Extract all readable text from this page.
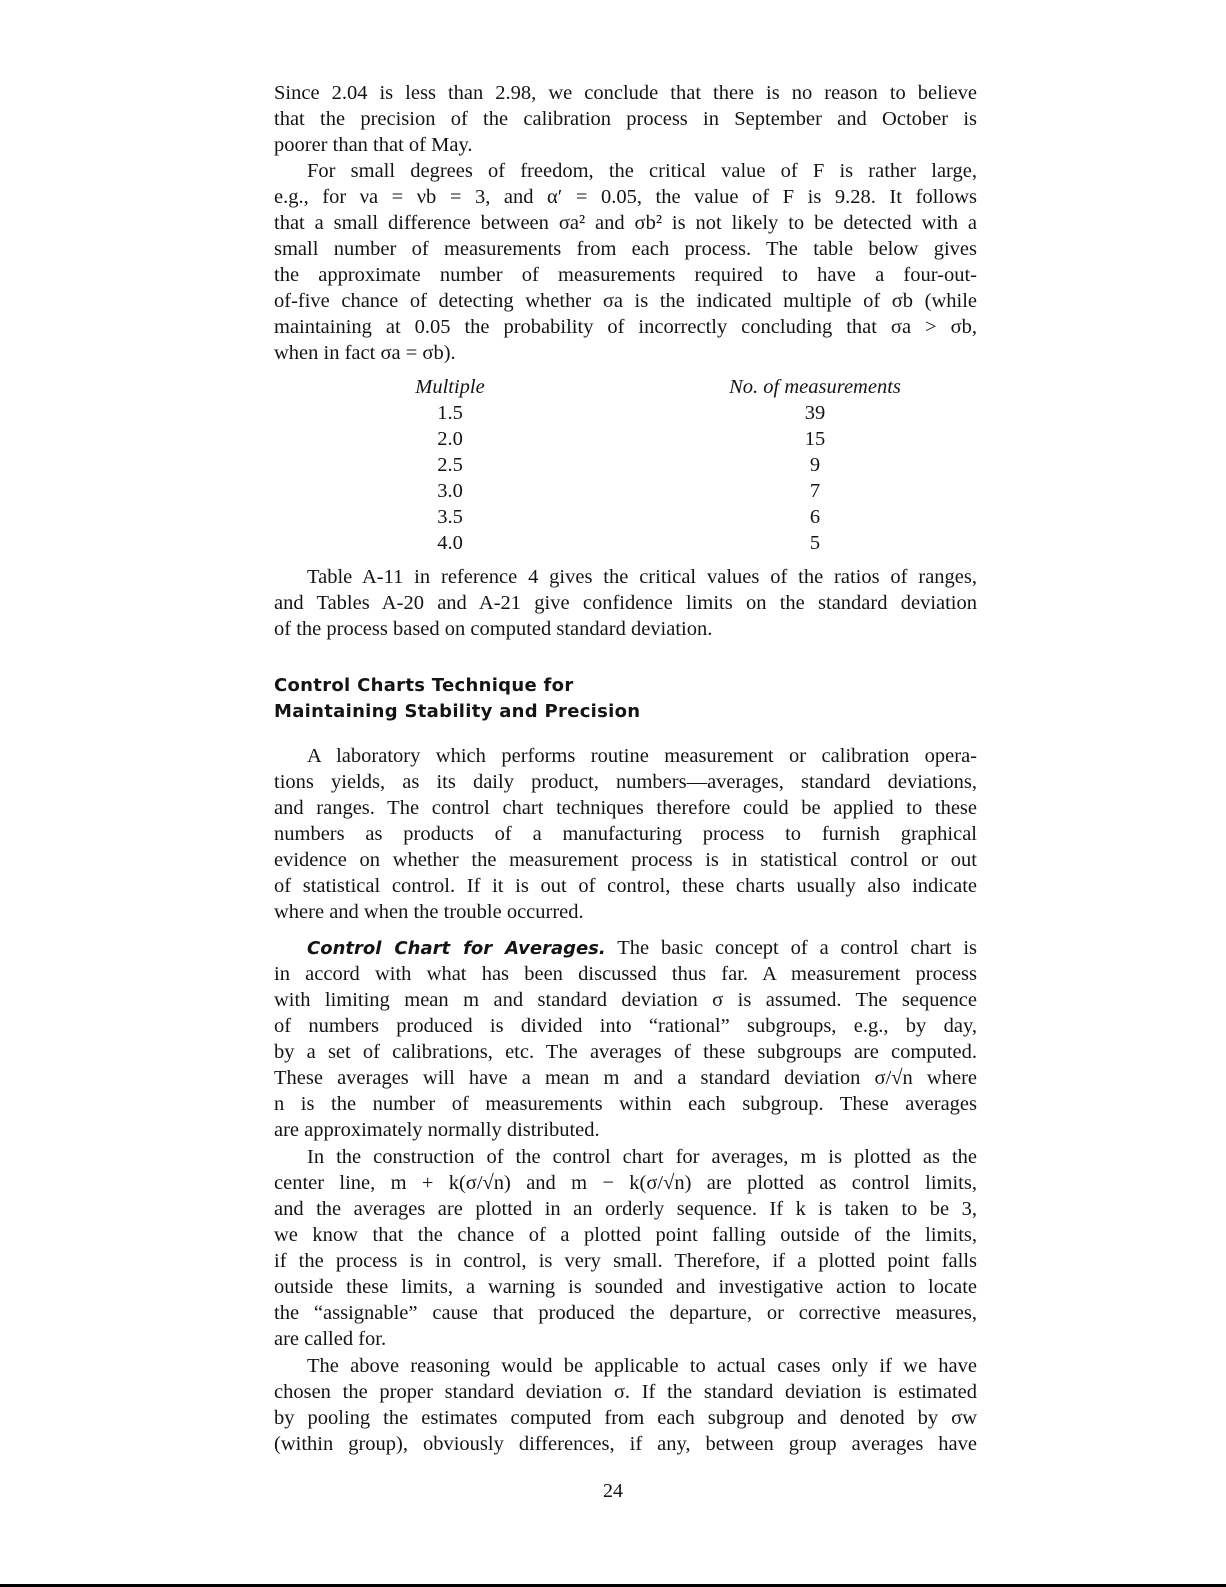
Since 2.04 is less than 2.98, we conclude that there is no reason to believe
that the precision of the calibration process in September and October is
poorer than that of May.
For small degrees of freedom, the critical value of F is rather large,
e.g., for νa = νb = 3, and α′ = 0.05, the value of F is 9.28. It follows
that a small difference between σa² and σb² is not likely to be detected with a
small number of measurements from each process. The table below gives
the approximate number of measurements required to have a four-out-
of-five chance of detecting whether σa is the indicated multiple of σb (while
maintaining at 0.05 the probability of incorrectly concluding that σa > σb,
when in fact σa = σb).
Multiple		No. of measurements
1.5		39
2.0		15
2.5		9
3.0		7
3.5		6
4.0		5
Table A-11 in reference 4 gives the critical values of the ratios of ranges,
and Tables A-20 and A-21 give confidence limits on the standard deviation
of the process based on computed standard deviation.
Control Charts Technique for
Maintaining Stability and Precision
A laboratory which performs routine measurement or calibration opera-
tions yields, as its daily product, numbers—averages, standard deviations,
and ranges. The control chart techniques therefore could be applied to these
numbers as products of a manufacturing process to furnish graphical
evidence on whether the measurement process is in statistical control or out
of statistical control. If it is out of control, these charts usually also indicate
where and when the trouble occurred.
Control Chart for Averages. The basic concept of a control chart is
in accord with what has been discussed thus far. A measurement process
with limiting mean m and standard deviation σ is assumed. The sequence
of numbers produced is divided into “rational” subgroups, e.g., by day,
by a set of calibrations, etc. The averages of these subgroups are computed.
These averages will have a mean m and a standard deviation σ/√n where
n is the number of measurements within each subgroup. These averages
are approximately normally distributed.
In the construction of the control chart for averages, m is plotted as the
center line, m + k(σ/√n) and m − k(σ/√n) are plotted as control limits,
and the averages are plotted in an orderly sequence. If k is taken to be 3,
we know that the chance of a plotted point falling outside of the limits,
if the process is in control, is very small. Therefore, if a plotted point falls
outside these limits, a warning is sounded and investigative action to locate
the “assignable” cause that produced the departure, or corrective measures,
are called for.
The above reasoning would be applicable to actual cases only if we have
chosen the proper standard deviation σ. If the standard deviation is estimated
by pooling the estimates computed from each subgroup and denoted by σw
(within group), obviously differences, if any, between group averages have
24
